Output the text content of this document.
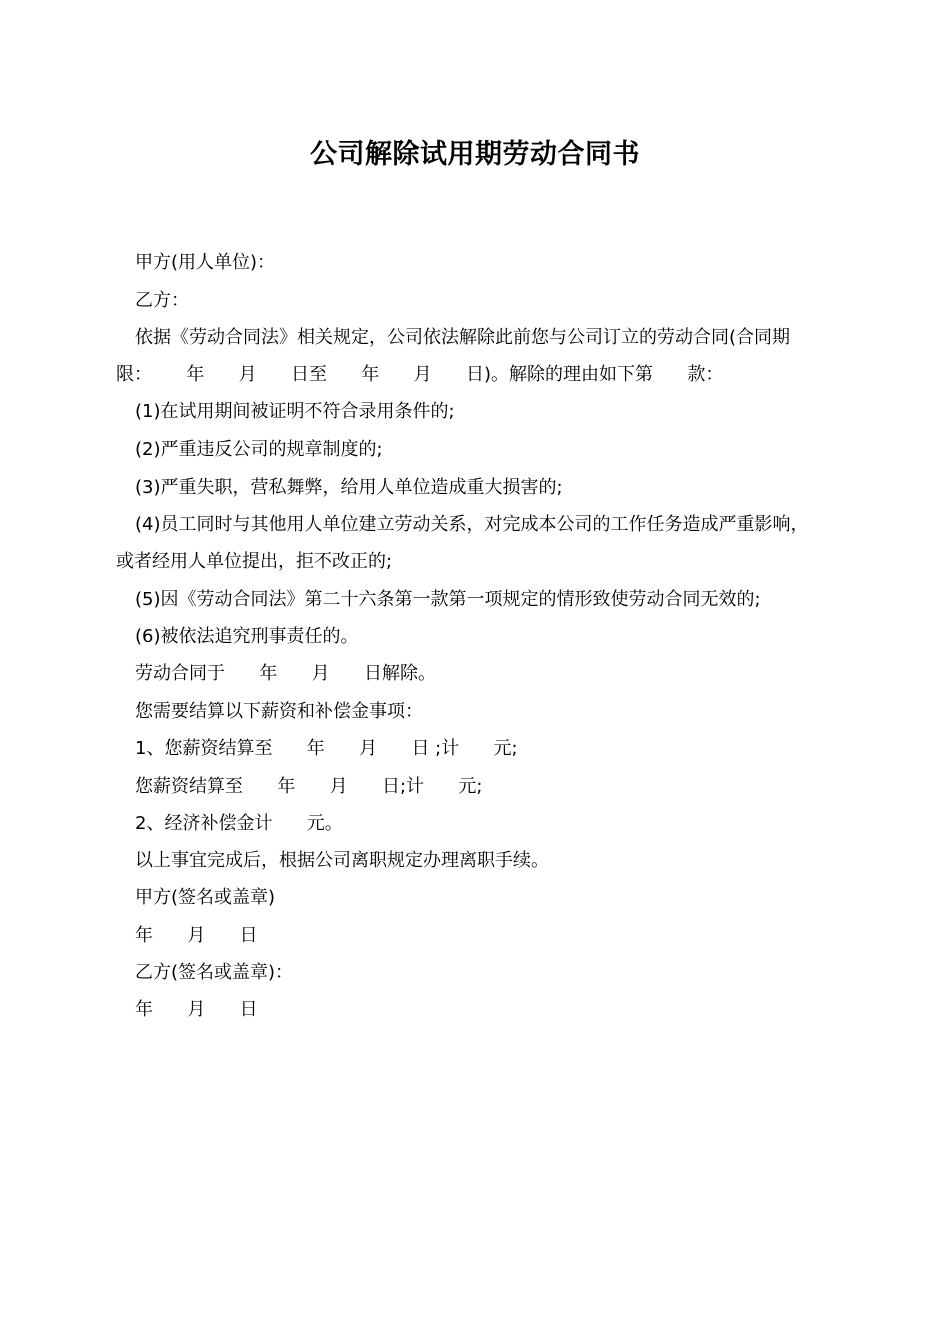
公司解除试用期劳动合同书
甲方(用人单位)：
乙方：
依据《劳动合同法》相关规定，公司依法解除此前您与公司订立的劳动合同(合同期
限：      年      月      日至      年      月      日)。解除的理由如下第      款：
(1)在试用期间被证明不符合录用条件的;
(2)严重违反公司的规章制度的;
(3)严重失职，营私舞弊，给用人单位造成重大损害的;
(4)员工同时与其他用人单位建立劳动关系，对完成本公司的工作任务造成严重影响，
或者经用人单位提出，拒不改正的;
(5)因《劳动合同法》第二十六条第一款第一项规定的情形致使劳动合同无效的;
(6)被依法追究刑事责任的。
劳动合同于      年      月      日解除。
您需要结算以下薪资和补偿金事项：
1、您薪资结算至      年      月      日 ;计      元;
您薪资结算至      年      月      日;计      元;
2、经济补偿金计      元。
以上事宜完成后，根据公司离职规定办理离职手续。
甲方(签名或盖章)
年      月      日
乙方(签名或盖章)：
年      月      日
